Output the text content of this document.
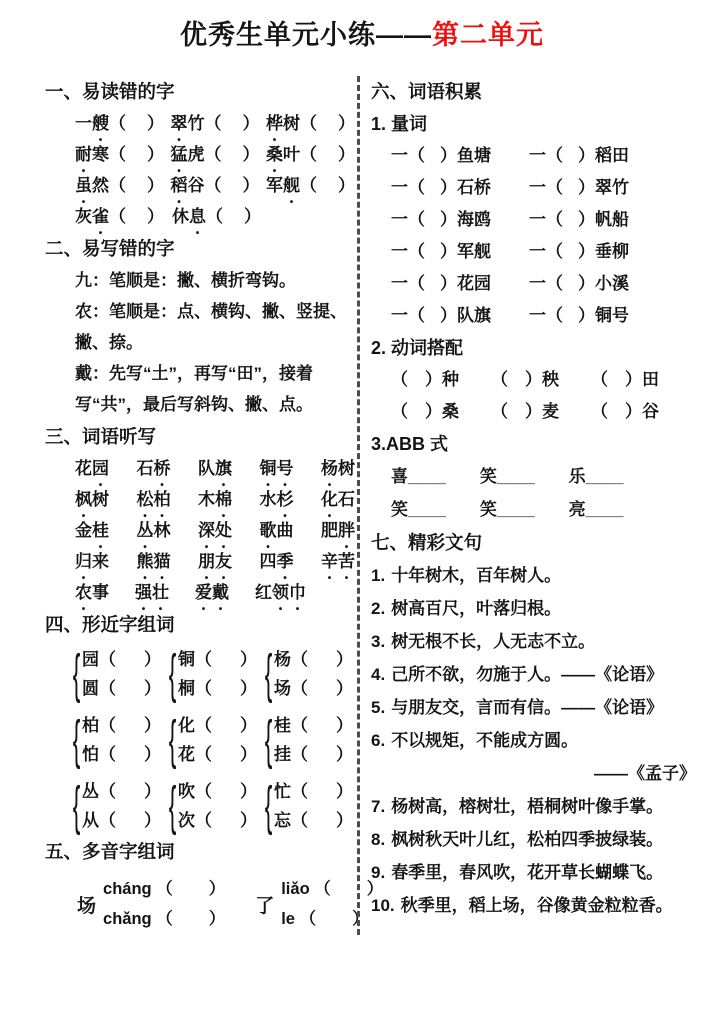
优秀生单元小练——第二单元
一、易读错的字
一艘（ ） 翠竹（ ） 桦树（ ）
耐寒（ ） 猛虎（ ） 桑叶（ ）
虽然（ ） 稻谷（ ） 军舰（ ）
灰雀（ ） 休息（ ）
二、易写错的字
九：笔顺是：撇、横折弯钩。
农：笔顺是：点、横钩、撇、竖提、撇、捺。
戴：先写“土”，再写“田”，接着写“共”，最后写斜钩、撇、点。
三、词语听写
花园 石桥 队旗 铜号 杨树
枫树 松柏 木棉 水杉 化石
金桂 丛林 深处 歌曲 肥胖
归来 熊猫 朋友 四季 辛苦
农事 强壮 爱戴 红领巾
四、形近字组词
{ 园（ ）
圆（ ） { 铜（ ）
桐（ ） { 杨（ ）
场（ ）
{ 柏（ ）
怕（ ） { 化（ ）
花（ ） { 桂（ ）
挂（ ）
{ 丛（ ）
从（ ） { 吹（ ）
次（ ） { 忙（ ）
忘（ ）
五、多音字组词
场
cháng （ ）
chǎng （ ）
了
liǎo （ ）
le （ ）
六、词语积累
1. 量词
一（ ）鱼塘 一（ ）稻田
一（ ）石桥 一（ ）翠竹
一（ ）海鸥 一（ ）帆船
一（ ）军舰 一（ ）垂柳
一（ ）花园 一（ ）小溪
一（ ）队旗 一（ ）铜号
2. 动词搭配
（ ）种 （ ）秧 （ ）田
（ ）桑 （ ）麦 （ ）谷
3.ABB 式
喜____ 笑____ 乐____
笑____ 笑____ 亮____
七、精彩文句
1. 十年树木，百年树人。
2. 树高百尺，叶落归根。
3. 树无根不长，人无志不立。
4. 己所不欲，勿施于人。——《论语》
5. 与朋友交，言而有信。——《论语》
6. 不以规矩，不能成方圆。
——《孟子》
7. 杨树高，榕树壮，梧桐树叶像手掌。
8. 枫树秋天叶儿红，松柏四季披绿装。
9. 春季里，春风吹，花开草长蝴蝶飞。
10. 秋季里，稻上场，谷像黄金粒粒香。
